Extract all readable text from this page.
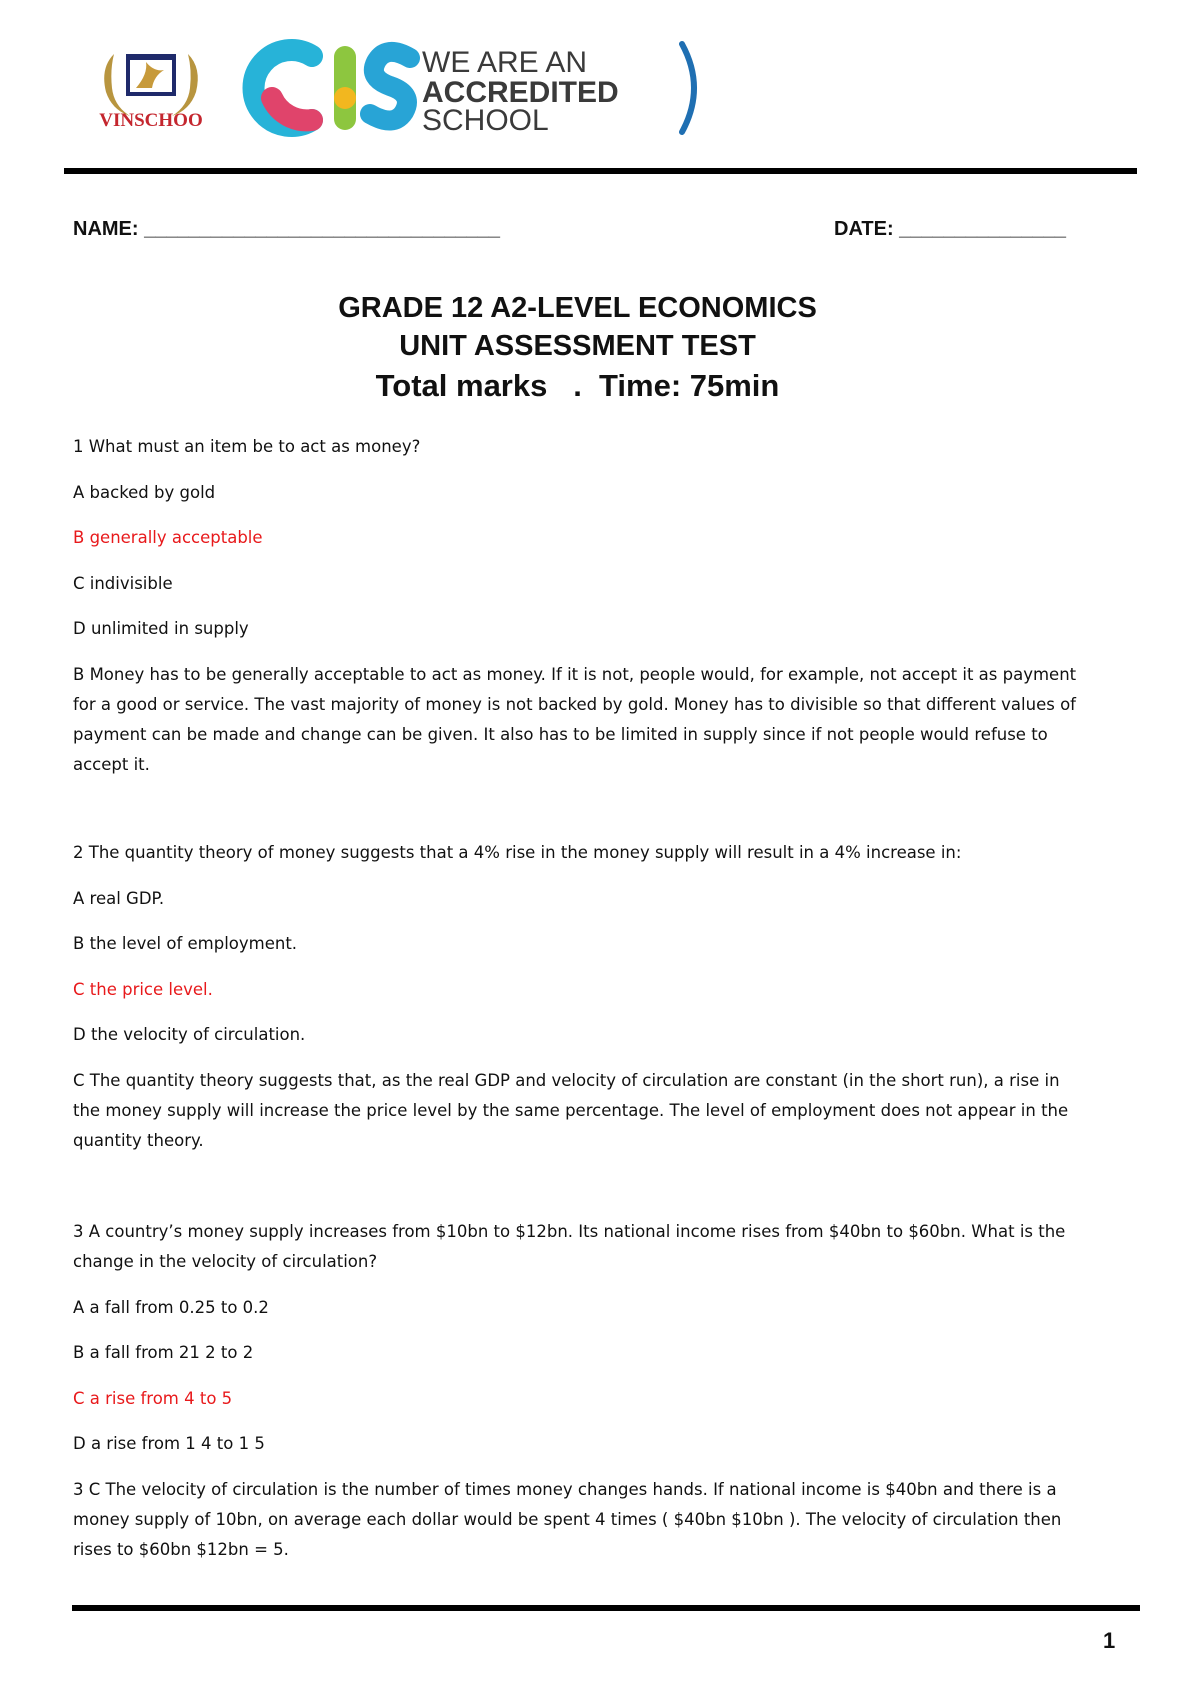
VINSCHOO
WE ARE AN
ACCREDITED
SCHOOL
NAME: ________________________________	DATE: _______________
GRADE 12 A2-LEVEL ECONOMICS
UNIT ASSESSMENT TEST
Total marks   .  Time: 75min
1 What must an item be to act as money?
A backed by gold
B generally acceptable
C indivisible
D unlimited in supply
B Money has to be generally acceptable to act as money. If it is not, people would, for example, not accept it as payment for a good or service. The vast majority of money is not backed by gold. Money has to divisible so that different values of payment can be made and change can be given. It also has to be limited in supply since if not people would refuse to accept it.
2 The quantity theory of money suggests that a 4% rise in the money supply will result in a 4% increase in:
A real GDP.
B the level of employment.
C the price level.
D the velocity of circulation.
C The quantity theory suggests that, as the real GDP and velocity of circulation are constant (in the short run), a rise in the money supply will increase the price level by the same percentage. The level of employment does not appear in the quantity theory.
3 A country’s money supply increases from $10bn to $12bn. Its national income rises from $40bn to $60bn. What is the change in the velocity of circulation?
A a fall from 0.25 to 0.2
B a fall from 21 2 to 2
C a rise from 4 to 5
D a rise from 1 4 to 1 5
3 C The velocity of circulation is the number of times money changes hands. If national income is $40bn and there is a money supply of 10bn, on average each dollar would be spent 4 times ( $40bn $10bn ). The velocity of circulation then rises to $60bn $12bn = 5.
1
